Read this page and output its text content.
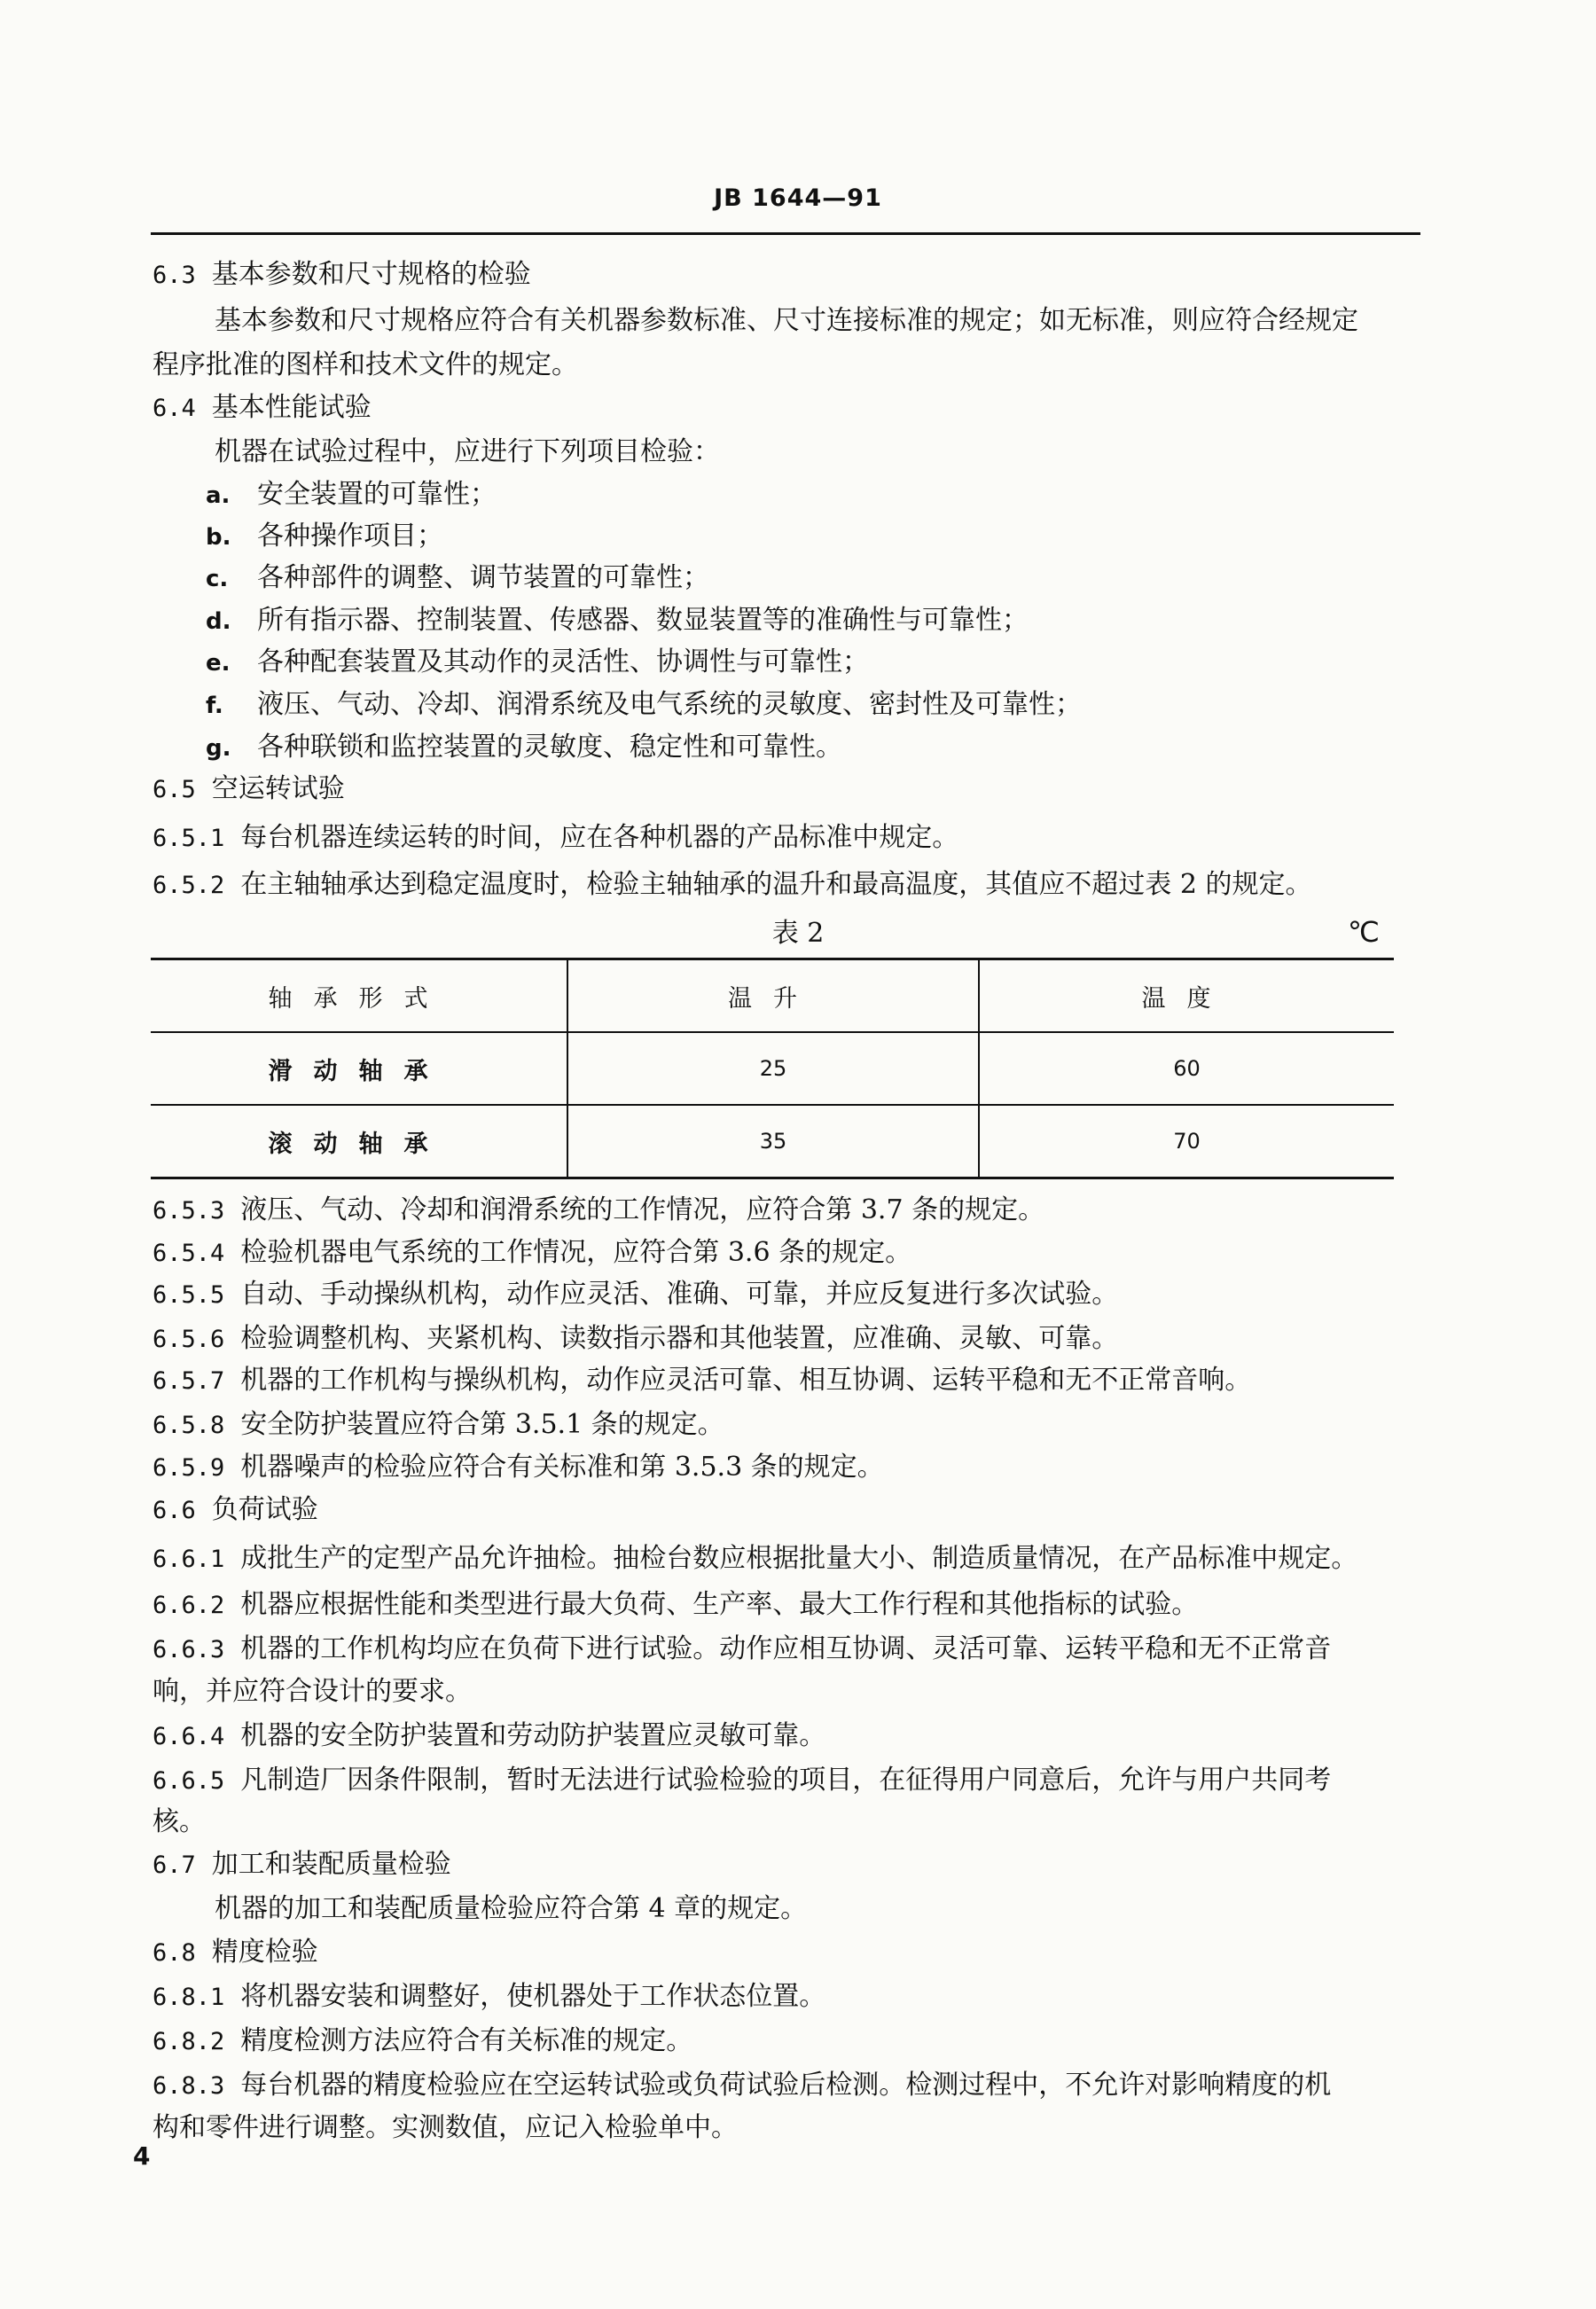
JB 1644—91
6.3 基本参数和尺寸规格的检验
基本参数和尺寸规格应符合有关机器参数标准、尺寸连接标准的规定；如无标准，则应符合经规定
程序批准的图样和技术文件的规定。
6.4 基本性能试验
机器在试验过程中，应进行下列项目检验：
a. 安全装置的可靠性；
b. 各种操作项目；
c. 各种部件的调整、调节装置的可靠性；
d. 所有指示器、控制装置、传感器、数显装置等的准确性与可靠性；
e. 各种配套装置及其动作的灵活性、协调性与可靠性；
f. 液压、气动、冷却、润滑系统及电气系统的灵敏度、密封性及可靠性；
g. 各种联锁和监控装置的灵敏度、稳定性和可靠性。
6.5 空运转试验
6.5.1 每台机器连续运转的时间，应在各种机器的产品标准中规定。
6.5.2 在主轴轴承达到稳定温度时，检验主轴轴承的温升和最高温度，其值应不超过表 2 的规定。
表 2	℃
轴承形式	温升	温度
滑动轴承	25	60
滚动轴承	35	70
6.5.3 液压、气动、冷却和润滑系统的工作情况，应符合第 3.7 条的规定。
6.5.4 检验机器电气系统的工作情况，应符合第 3.6 条的规定。
6.5.5 自动、手动操纵机构，动作应灵活、准确、可靠，并应反复进行多次试验。
6.5.6 检验调整机构、夹紧机构、读数指示器和其他装置，应准确、灵敏、可靠。
6.5.7 机器的工作机构与操纵机构，动作应灵活可靠、相互协调、运转平稳和无不正常音响。
6.5.8 安全防护装置应符合第 3.5.1 条的规定。
6.5.9 机器噪声的检验应符合有关标准和第 3.5.3 条的规定。
6.6 负荷试验
6.6.1 成批生产的定型产品允许抽检。抽检台数应根据批量大小、制造质量情况，在产品标准中规定。
6.6.2 机器应根据性能和类型进行最大负荷、生产率、最大工作行程和其他指标的试验。
6.6.3 机器的工作机构均应在负荷下进行试验。动作应相互协调、灵活可靠、运转平稳和无不正常音
响，并应符合设计的要求。
6.6.4 机器的安全防护装置和劳动防护装置应灵敏可靠。
6.6.5 凡制造厂因条件限制，暂时无法进行试验检验的项目，在征得用户同意后，允许与用户共同考
核。
6.7 加工和装配质量检验
机器的加工和装配质量检验应符合第 4 章的规定。
6.8 精度检验
6.8.1 将机器安装和调整好，使机器处于工作状态位置。
6.8.2 精度检测方法应符合有关标准的规定。
6.8.3 每台机器的精度检验应在空运转试验或负荷试验后检测。检测过程中，不允许对影响精度的机
构和零件进行调整。实测数值，应记入检验单中。
4
